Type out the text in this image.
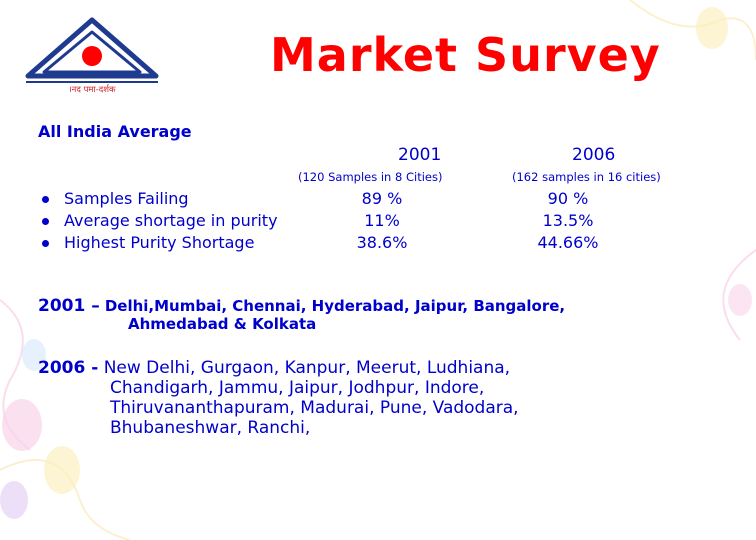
।नद पमा-दर्शक
Market Survey
All India Average
2001	2006
(120 Samples in 8 Cities)	(162 samples in 16 cities)
Samples Failing	89 %	90 %
Average shortage in purity	11%	13.5%
Highest Purity Shortage	38.6%	44.66%
2001 – Delhi,Mumbai, Chennai, Hyderabad, Jaipur, Bangalore,
Ahmedabad & Kolkata
2006 - New Delhi, Gurgaon, Kanpur, Meerut, Ludhiana,
Chandigarh, Jammu, Jaipur, Jodhpur, Indore,
Thiruvananthapuram, Madurai, Pune, Vadodara,
Bhubaneshwar, Ranchi,
